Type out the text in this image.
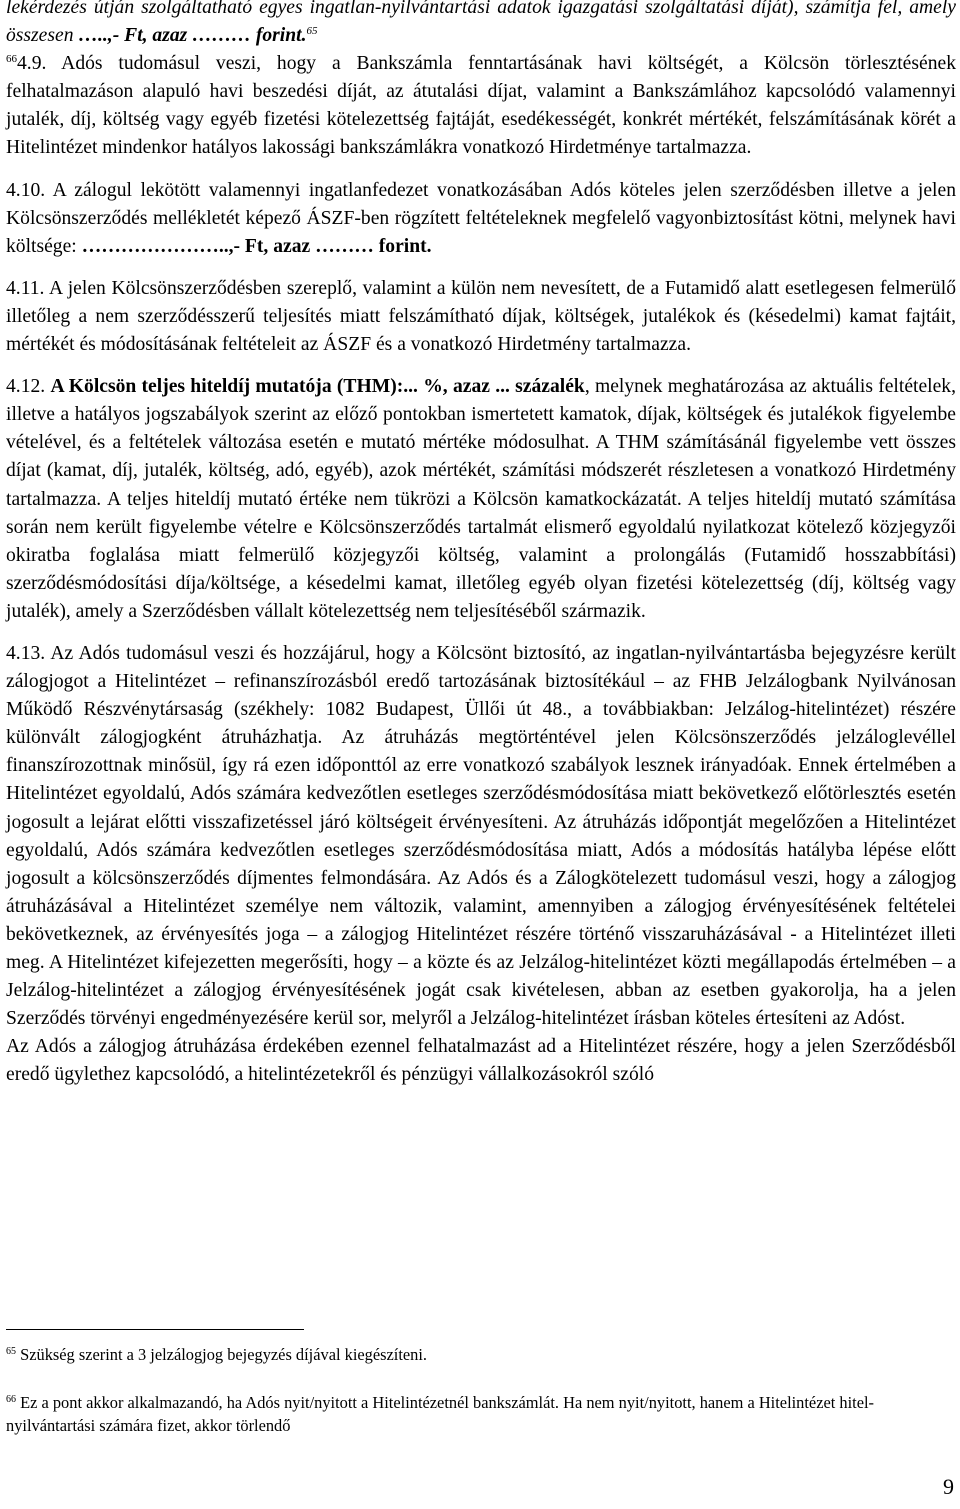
lekérdezés útján szolgáltatható egyes ingatlan-nyilvántartási adatok igazgatási szolgáltatási díját), számítja fel, amely összesen …..,- Ft, azaz ……… forint.$^{65}$

$^{66}$4.9. Adós tudomásul veszi, hogy a Bankszámla fenntartásának havi költségét, a Kölcsön törlesztésének felhatalmazáson alapuló havi beszedési díját, az átutalási díjat, valamint a Bankszámlához kapcsolódó valamennyi jutalék, díj, költség vagy egyéb fizetési kötelezettség fajtáját, esedékességét, konkrét mértékét, felszámításának körét a Hitelintézet mindenkor hatályos lakossági bankszámlákra vonatkozó Hirdetménye tartalmazza.

4.10. A zálogul lekötött valamennyi ingatlanfedezet vonatkozásában Adós köteles jelen szerződésben illetve a jelen Kölcsönszerződés mellékletét képező ÁSZF-ben rögzített feltételeknek megfelelő vagyonbiztosítást kötni, melynek havi költsége: …………………..,- Ft, azaz ……… forint.

4.11. A jelen Kölcsönszerződésben szereplő, valamint a külön nem nevesített, de a Futamidő alatt esetlegesen felmerülő illetőleg a nem szerződésszerű teljesítés miatt felszámítható díjak, költségek, jutalékok és (késedelmi) kamat fajtáit, mértékét és módosításának feltételeit az ÁSZF és a vonatkozó Hirdetmény tartalmazza.

4.12. A Kölcsön teljes hiteldíj mutatója (THM):... %, azaz ... százalék, melynek meghatározása az aktuális feltételek, illetve a hatályos jogszabályok szerint az előző pontokban ismertetett kamatok, díjak, költségek és jutalékok figyelembe vételével, és a feltételek változása esetén e mutató mértéke módosulhat. A THM számításánál figyelembe vett összes díjat (kamat, díj, jutalék, költség, adó, egyéb), azok mértékét, számítási módszerét részletesen a vonatkozó Hirdetmény tartalmazza. A teljes hiteldíj mutató értéke nem tükrözi a Kölcsön kamatkockázatát. A teljes hiteldíj mutató számítása során nem került figyelembe vételre e Kölcsönszerződés tartalmát elismerő egyoldalú nyilatkozat kötelező közjegyzői okiratba foglalása miatt felmerülő közjegyzői költség, valamint a prolongálás (Futamidő hosszabbítási) szerződésmódosítási díja/költsége, a késedelmi kamat, illetőleg egyéb olyan fizetési kötelezettség (díj, költség vagy jutalék), amely a Szerződésben vállalt kötelezettség nem teljesítéséből származik.

4.13. Az Adós tudomásul veszi és hozzájárul, hogy a Kölcsönt biztosító, az ingatlan-nyilvántartásba bejegyzésre került zálogjogot a Hitelintézet – refinanszírozásból eredő tartozásának biztosítékául – az FHB Jelzálogbank Nyilvánosan Működő Részvénytársaság (székhely: 1082 Budapest, Üllői út 48., a továbbiakban: Jelzálog-hitelintézet) részére különvált zálogjogként átruházhatja. Az átruházás megtörténtével jelen Kölcsönszerződés jelzáloglevéllel finanszírozottnak minősül, így rá ezen időponttól az erre vonatkozó szabályok lesznek irányadóak. Ennek értelmében a Hitelintézet egyoldalú, Adós számára kedvezőtlen esetleges szerződésmódosítása miatt bekövetkező előtörlesztés esetén jogosult a lejárat előtti visszafizetéssel járó költségeit érvényesíteni. Az átruházás időpontját megelőzően a Hitelintézet egyoldalú, Adós számára kedvezőtlen esetleges szerződésmódosítása miatt, Adós a módosítás hatályba lépése előtt jogosult a kölcsönszerződés díjmentes felmondására. Az Adós és a Zálogkötelezett tudomásul veszi, hogy a zálogjog átruházásával a Hitelintézet személye nem változik, valamint, amennyiben a zálogjog érvényesítésének feltételei bekövetkeznek, az érvényesítés joga – a zálogjog Hitelintézet részére történő visszaruházásával - a Hitelintézet illeti meg. A Hitelintézet kifejezetten megerősíti, hogy – a közte és az Jelzálog-hitelintézet közti megállapodás értelmében – a Jelzálog-hitelintézet a zálogjog érvényesítésének jogát csak kivételesen, abban az esetben gyakorolja, ha a jelen Szerződés törvényi engedményezésére kerül sor, melyről a Jelzálog-hitelintézet írásban köteles értesíteni az Adóst.

Az Adós a zálogjog átruházása érdekében ezennel felhatalmazást ad a Hitelintézet részére, hogy a jelen Szerződésből eredő ügylethez kapcsolódó, a hitelintézetekről és pénzügyi vállalkozásokról szóló

$^{65}$ Szükség szerint a 3 jelzálogjog bejegyzés díjával kiegészíteni.

$^{66}$ Ez a pont akkor alkalmazandó, ha Adós nyit/nyitott a Hitelintézetnél bankszámlát. Ha nem nyit/nyitott, hanem a Hitelintézet hitel-nyilvántartási számára fizet, akkor törlendő

9
